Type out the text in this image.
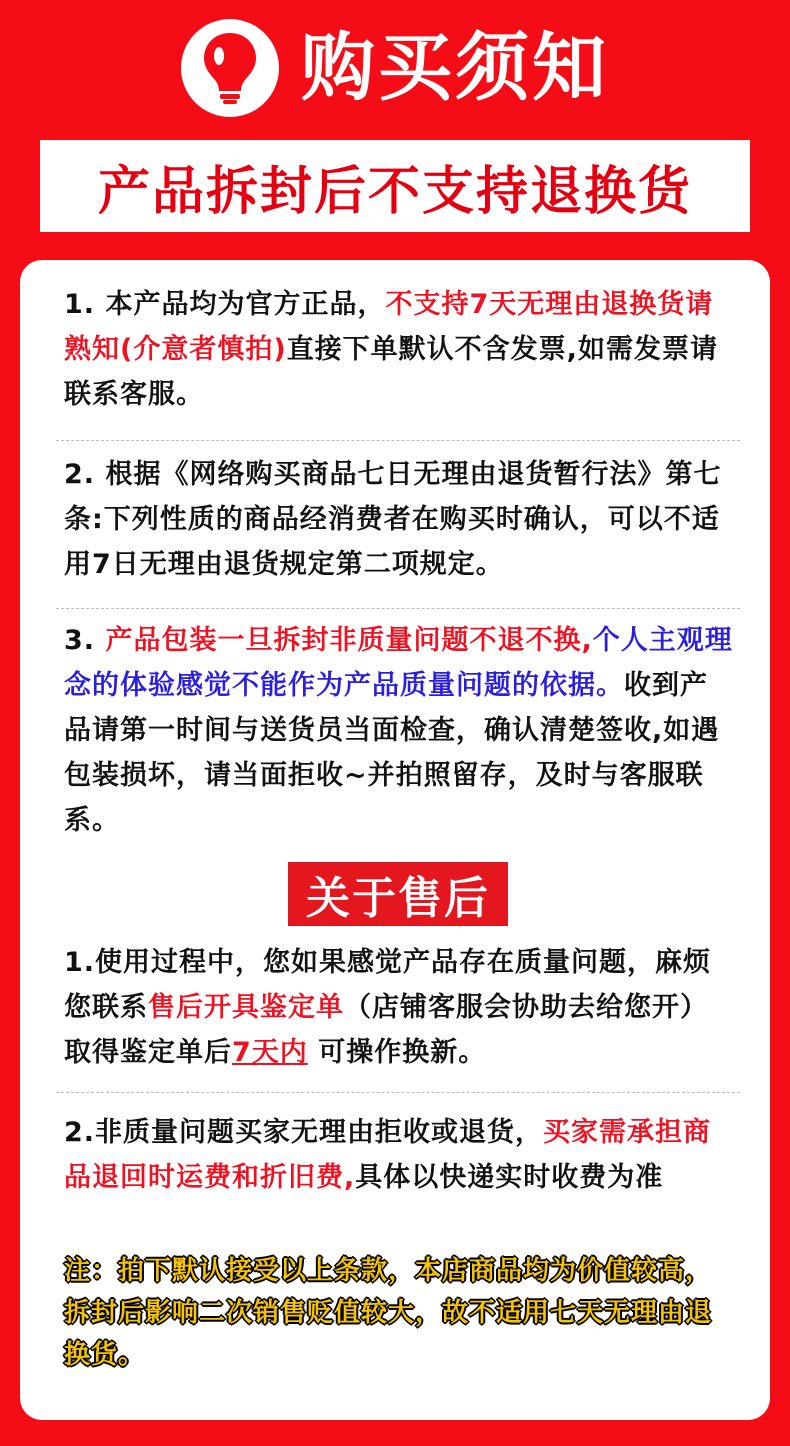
购买须知
产品拆封后不支持退换货
1. 本产品均为官方正品，不支持7天无理由退换货请熟知(介意者慎拍)直接下单默认不含发票,如需发票请联系客服。
2. 根据《网络购买商品七日无理由退货暂行法》第七条:下列性质的商品经消费者在购买时确认，可以不适用7日无理由退货规定第二项规定。
3. 产品包装一旦拆封非质量问题不退不换,个人主观理念的体验感觉不能作为产品质量问题的依据。收到产品请第一时间与送货员当面检查，确认清楚签收,如遇包装损坏，请当面拒收~并拍照留存，及时与客服联系。
关于售后
1.使用过程中，您如果感觉产品存在质量问题，麻烦您联系售后开具鉴定单（店铺客服会协助去给您开）取得鉴定单后7天内 可操作换新。
2.非质量问题买家无理由拒收或退货，买家需承担商品退回时运费和折旧费,具体以快递实时收费为准
注：拍下默认接受以上条款，本店商品均为价值较高，拆封后影响二次销售贬值较大，故不适用七天无理由退换货。
